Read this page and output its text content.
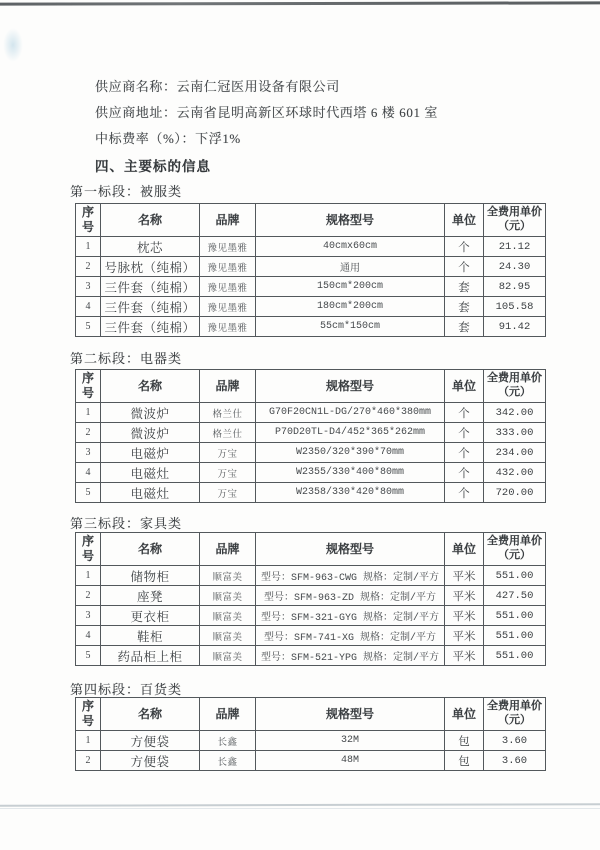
供应商名称：云南仁冠医用设备有限公司
供应商地址：云南省昆明高新区环球时代西塔 6 楼 601 室
中标费率（%）：下浮1%
四、主要标的信息
第一标段：被服类
序号	名称	品牌	规格型号	单位	全费用单价（元）
1	枕芯	豫见墨雅	40cmx60cm	个	21.12
2	号脉枕（纯棉）	豫见墨雅	通用	个	24.30
3	三件套（纯棉）	豫见墨雅	150cm*200cm	套	82.95
4	三件套（纯棉）	豫见墨雅	180cm*200cm	套	105.58
5	三件套（纯棉）	豫见墨雅	55cm*150cm	套	91.42
第二标段：电器类
序号	名称	品牌	规格型号	单位	全费用单价（元）
1	微波炉	格兰仕	G70F20CN1L-DG/270*460*380mm	个	342.00
2	微波炉	格兰仕	P70D20TL-D4/452*365*262mm	个	333.00
3	电磁炉	万宝	W2350/320*390*70mm	个	234.00
4	电磁灶	万宝	W2355/330*400*80mm	个	432.00
5	电磁灶	万宝	W2358/330*420*80mm	个	720.00
第三标段：家具类
序号	名称	品牌	规格型号	单位	全费用单价（元）
1	储物柜	顺富美	型号：SFM-963-CWG 规格：定制/平方	平米	551.00
2	座凳	顺富美	型号：SFM-963-ZD 规格：定制/平方	平米	427.50
3	更衣柜	顺富美	型号：SFM-321-GYG 规格：定制/平方	平米	551.00
4	鞋柜	顺富美	型号：SFM-741-XG 规格：定制/平方	平米	551.00
5	药品柜上柜	顺富美	型号：SFM-521-YPG 规格：定制/平方	平米	551.00
第四标段：百货类
序号	名称	品牌	规格型号	单位	全费用单价（元）
1	方便袋	长鑫	32M	包	3.60
2	方便袋	长鑫	48M	包	3.60
